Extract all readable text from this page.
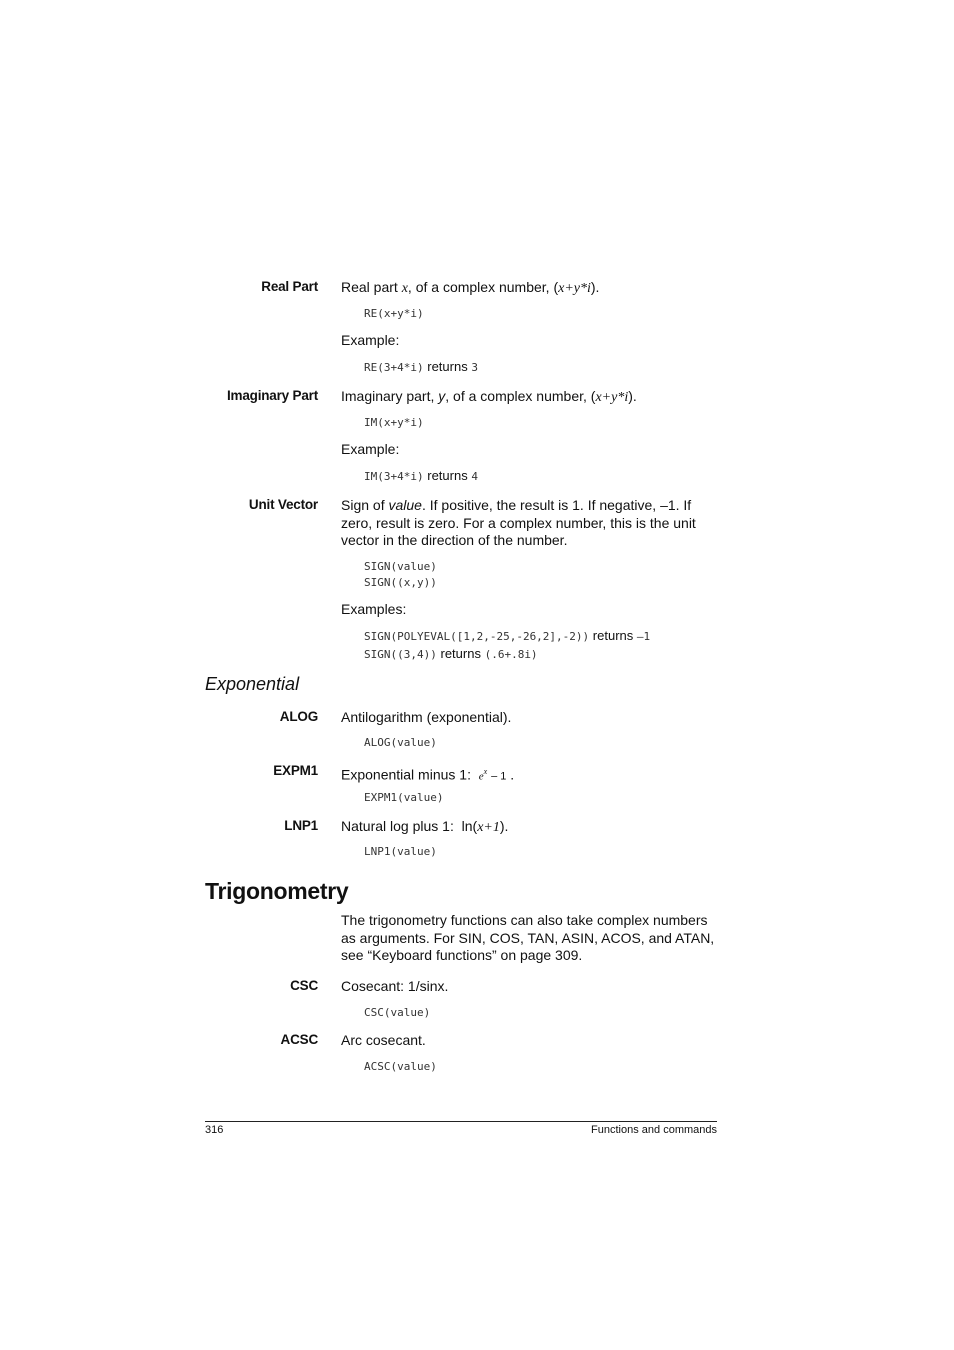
Real Part Real part x, of a complex number, (x+y*i).
RE(x+y*i)
Example:
RE(3+4*i) returns 3
Imaginary Part Imaginary part, y, of a complex number, (x+y*i).
IM(x+y*i)
Example:
IM(3+4*i) returns 4
Unit Vector Sign of value. If positive, the result is 1. If negative, –1. If zero, result is zero. For a complex number, this is the unit vector in the direction of the number.
SIGN(value)
SIGN((x,y))
Examples:
SIGN(POLYEVAL([1,2,-25,-26,2],-2)) returns –1
SIGN((3,4)) returns (.6+.8i)
Exponential
ALOG Antilogarithm (exponential).
ALOG(value)
EXPM1 Exponential minus 1: $e^x - 1$ .
EXPM1(value)
LNP1 Natural log plus 1: ln(x+1).
LNP1(value)
Trigonometry
The trigonometry functions can also take complex numbers as arguments. For SIN, COS, TAN, ASIN, ACOS, and ATAN, see “Keyboard functions” on page 309.
CSC Cosecant: 1/sinx.
CSC(value)
ACSC Arc cosecant.
ACSC(value)
316	Functions and commands
